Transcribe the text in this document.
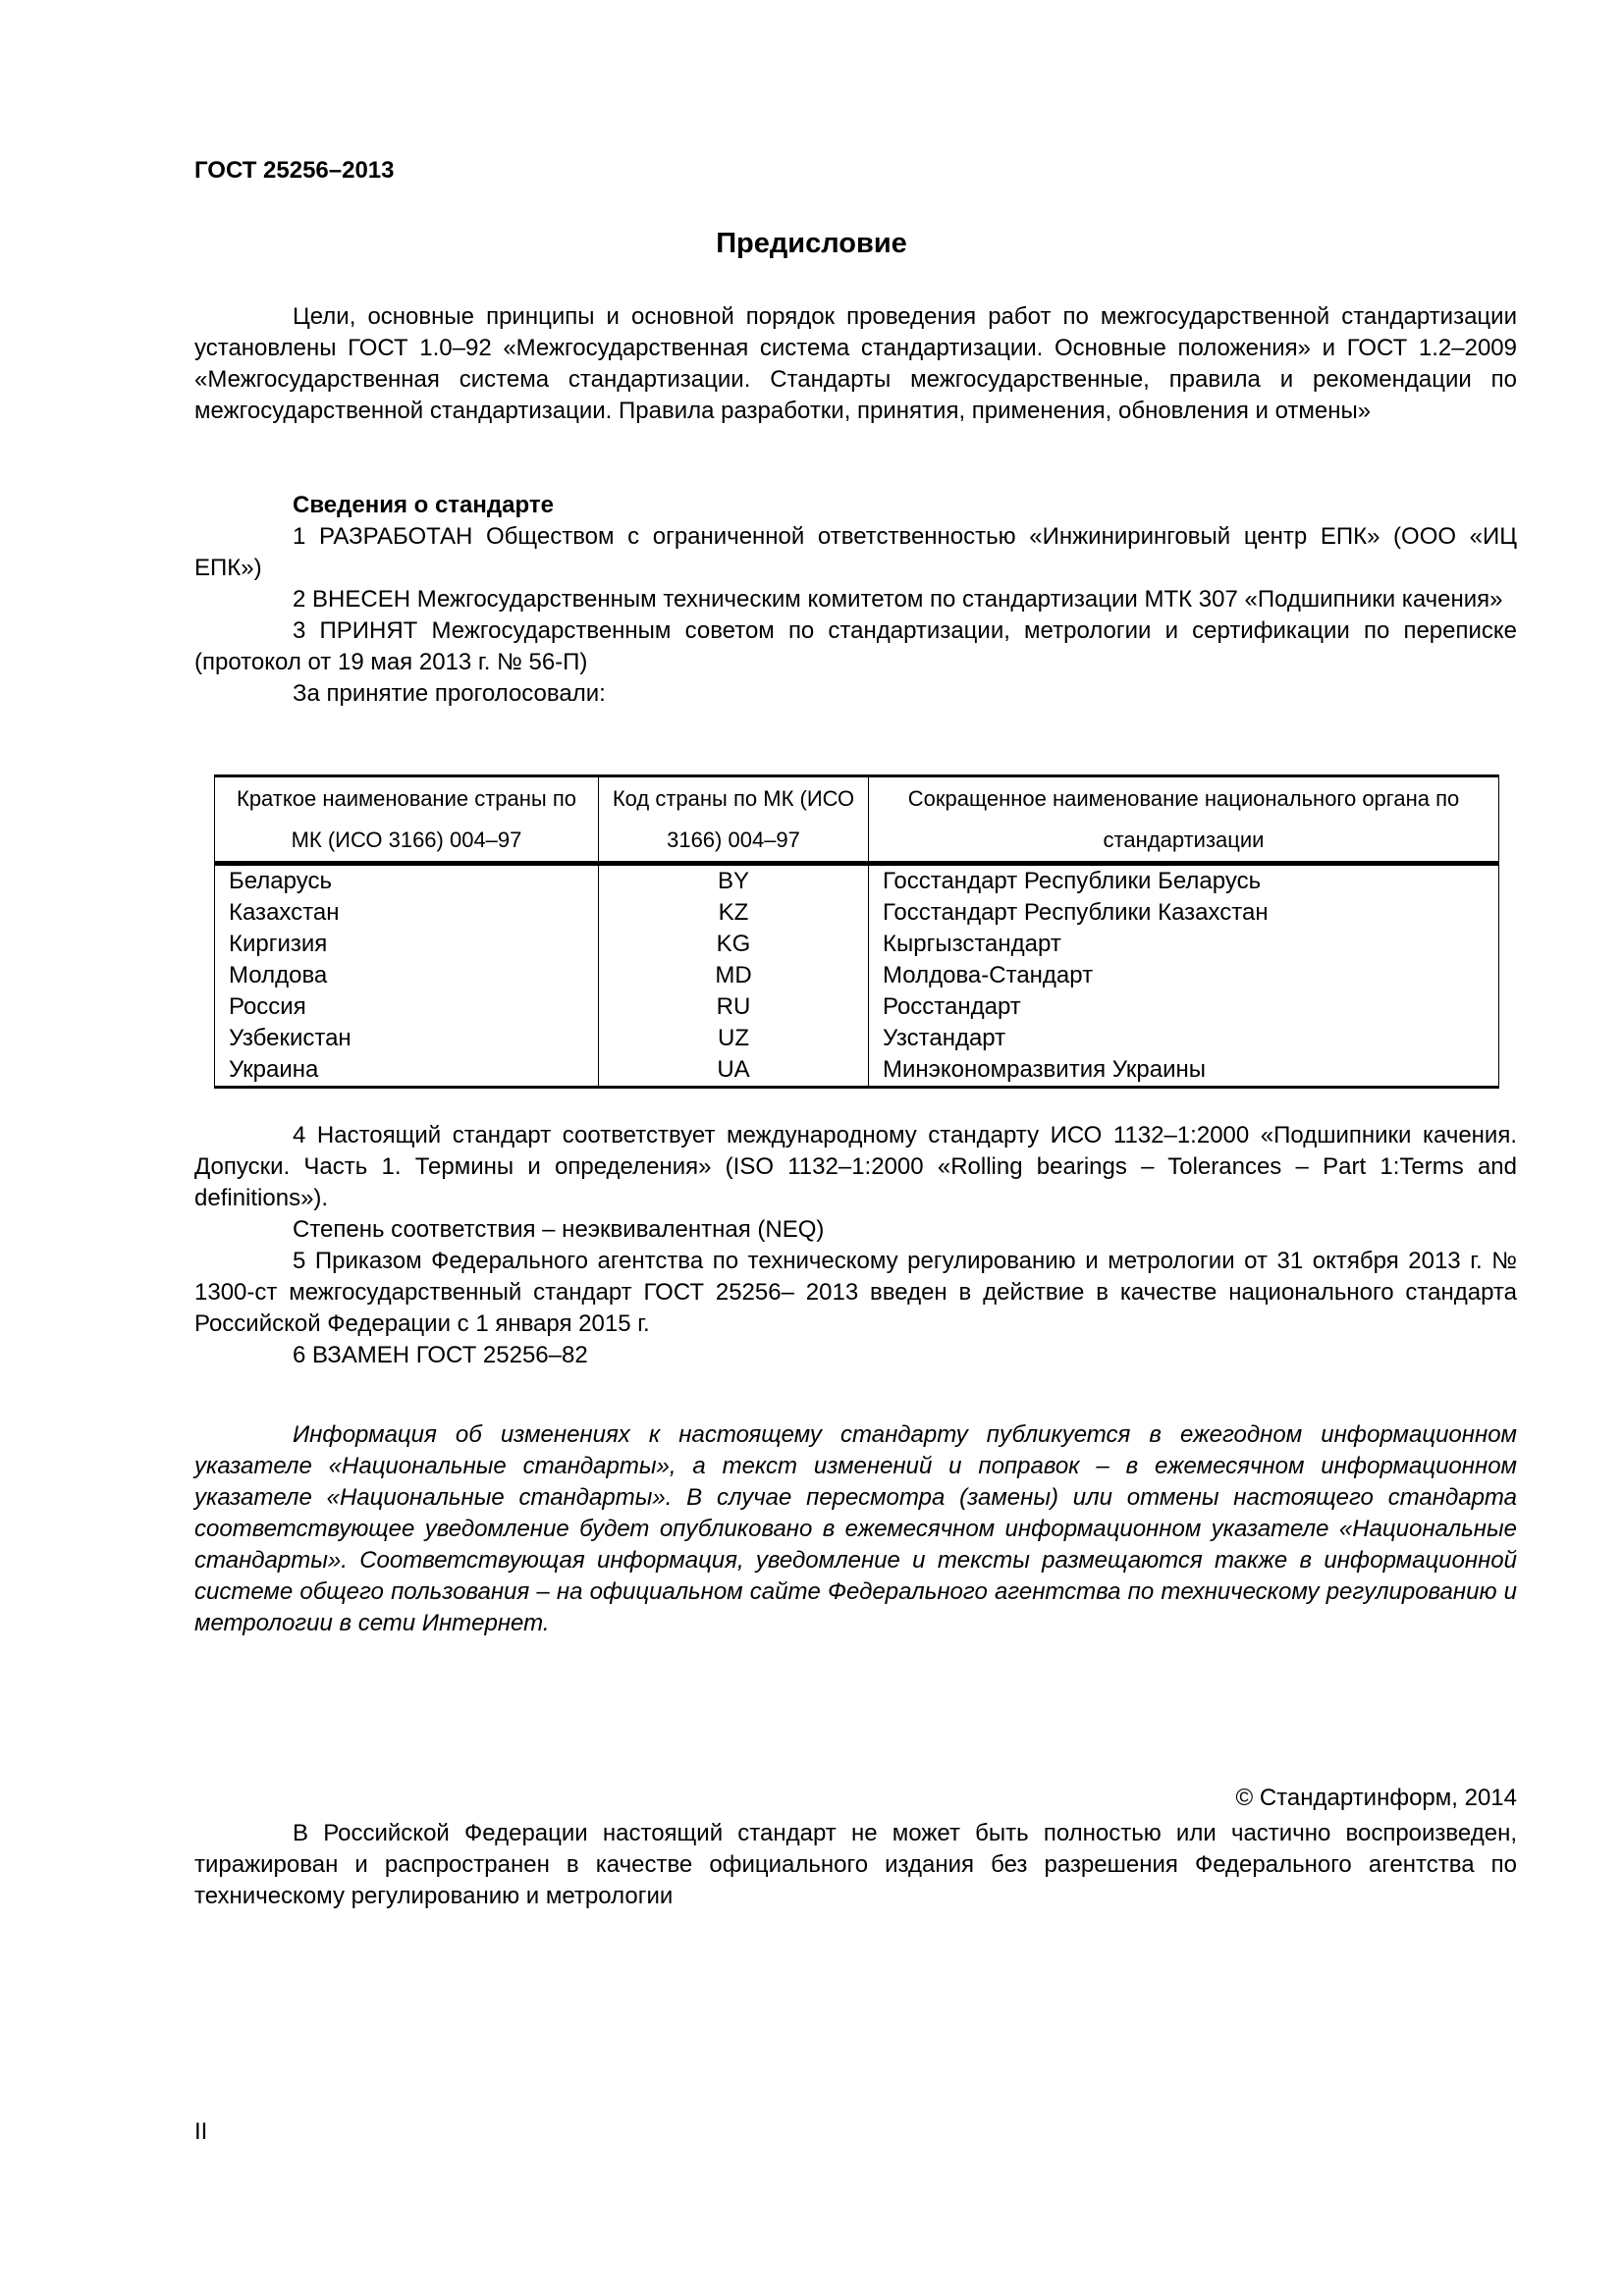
ГОСТ 25256–2013
Предисловие

Цели, основные принципы и основной порядок проведения работ по межгосударственной стандартизации установлены ГОСТ 1.0–92 «Межгосударственная система стандартизации. Основные положения» и ГОСТ 1.2–2009 «Межгосударственная система стандартизации. Стандарты межгосударственные, правила и рекомендации по межгосударственной стандартизации. Правила разработки, принятия, применения, обновления и отмены»

Сведения о стандарте

1 РАЗРАБОТАН Обществом с ограниченной ответственностью «Инжиниринговый центр ЕПК» (ООО «ИЦ ЕПК»)

2 ВНЕСЕН Межгосударственным техническим комитетом по стандартизации МТК 307 «Подшипники качения»

3 ПРИНЯТ Межгосударственным советом по стандартизации, метрологии и сертификации по переписке (протокол от 19 мая 2013 г. № 56-П)

За принятие проголосовали:

Краткое наименование страны по МК (ИСО 3166) 004–97	Код страны по МК (ИСО 3166) 004–97	Сокращенное наименование национального органа по стандартизации
Беларусь	BY	Госстандарт Республики Беларусь
Казахстан	KZ	Госстандарт Республики Казахстан
Киргизия	KG	Кыргызстандарт
Молдова	MD	Молдова-Стандарт
Россия	RU	Росстандарт
Узбекистан	UZ	Узстандарт
Украина	UA	Минэкономразвития Украины

4 Настоящий стандарт соответствует международному стандарту ИСО 1132–1:2000 «Подшипники качения. Допуски. Часть 1. Термины и определения» (ISO 1132–1:2000 «Rolling bearings – Tolerances – Part 1:Terms and definitions»).

Степень соответствия – неэквивалентная (NEQ)

5 Приказом Федерального агентства по техническому регулированию и метрологии от 31 октября 2013 г. № 1300-ст межгосударственный стандарт ГОСТ 25256– 2013 введен в действие в качестве национального стандарта Российской Федерации с 1 января 2015 г.

6 ВЗАМЕН ГОСТ 25256–82

Информация об изменениях к настоящему стандарту публикуется в ежегодном информационном указателе «Национальные стандарты», а текст изменений и поправок – в ежемесячном информационном указателе «Национальные стандарты». В случае пересмотра (замены) или отмены настоящего стандарта соответствующее уведомление будет опубликовано в ежемесячном информационном указателе «Национальные стандарты». Соответствующая информация, уведомление и тексты размещаются также в информационной системе общего пользования – на официальном сайте Федерального агентства по техническому регулированию и метрологии в сети Интернет.

© Стандартинформ, 2014

В Российской Федерации настоящий стандарт не может быть полностью или частично воспроизведен, тиражирован и распространен в качестве официального издания без разрешения Федерального агентства по техническому регулированию и метрологии

II
